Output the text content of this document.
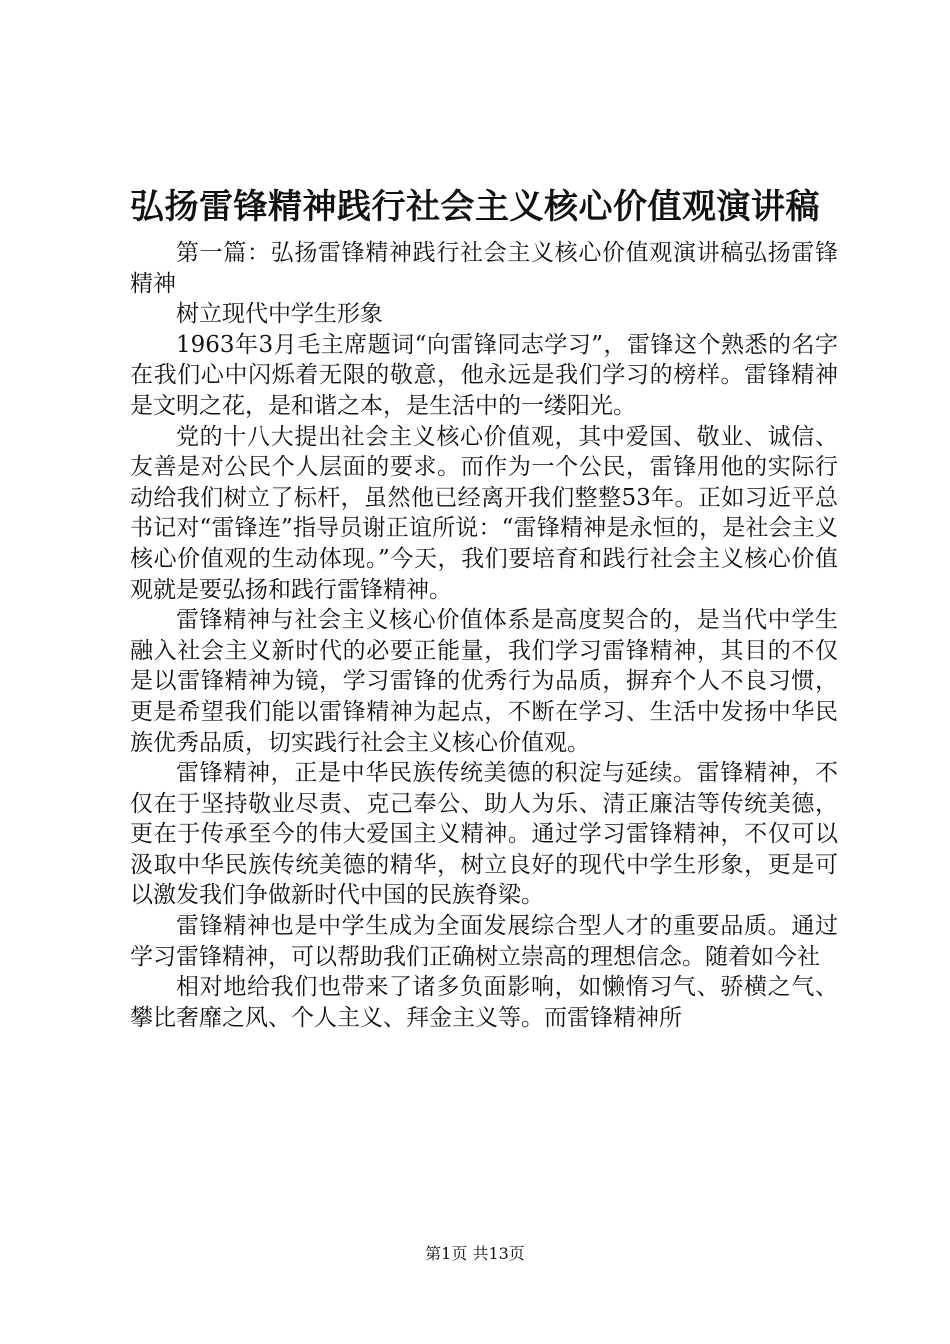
弘扬雷锋精神践行社会主义核心价值观演讲稿

第一篇：弘扬雷锋精神践行社会主义核心价值观演讲稿弘扬雷锋精神

树立现代中学生形象

1963年3月毛主席题词“向雷锋同志学习”，雷锋这个熟悉的名字在我们心中闪烁着无限的敬意，他永远是我们学习的榜样。雷锋精神是文明之花，是和谐之本，是生活中的一缕阳光。

党的十八大提出社会主义核心价值观，其中爱国、敬业、诚信、友善是对公民个人层面的要求。而作为一个公民，雷锋用他的实际行动给我们树立了标杆，虽然他已经离开我们整整53年。正如习近平总书记对“雷锋连”指导员谢正谊所说：“雷锋精神是永恒的，是社会主义核心价值观的生动体现。”今天，我们要培育和践行社会主义核心价值观就是要弘扬和践行雷锋精神。

雷锋精神与社会主义核心价值体系是高度契合的，是当代中学生融入社会主义新时代的必要正能量，我们学习雷锋精神，其目的不仅是以雷锋精神为镜，学习雷锋的优秀行为品质，摒弃个人不良习惯，更是希望我们能以雷锋精神为起点，不断在学习、生活中发扬中华民族优秀品质，切实践行社会主义核心价值观。

雷锋精神，正是中华民族传统美德的积淀与延续。雷锋精神，不仅在于坚持敬业尽责、克己奉公、助人为乐、清正廉洁等传统美德，更在于传承至今的伟大爱国主义精神。通过学习雷锋精神，不仅可以汲取中华民族传统美德的精华，树立良好的现代中学生形象，更是可以激发我们争做新时代中国的民族脊梁。

雷锋精神也是中学生成为全面发展综合型人才的重要品质。通过学习雷锋精神，可以帮助我们正确树立崇高的理想信念。随着如今社

相对地给我们也带来了诸多负面影响，如懒惰习气、骄横之气、攀比奢靡之风、个人主义、拜金主义等。而雷锋精神所

第1页 共13页
